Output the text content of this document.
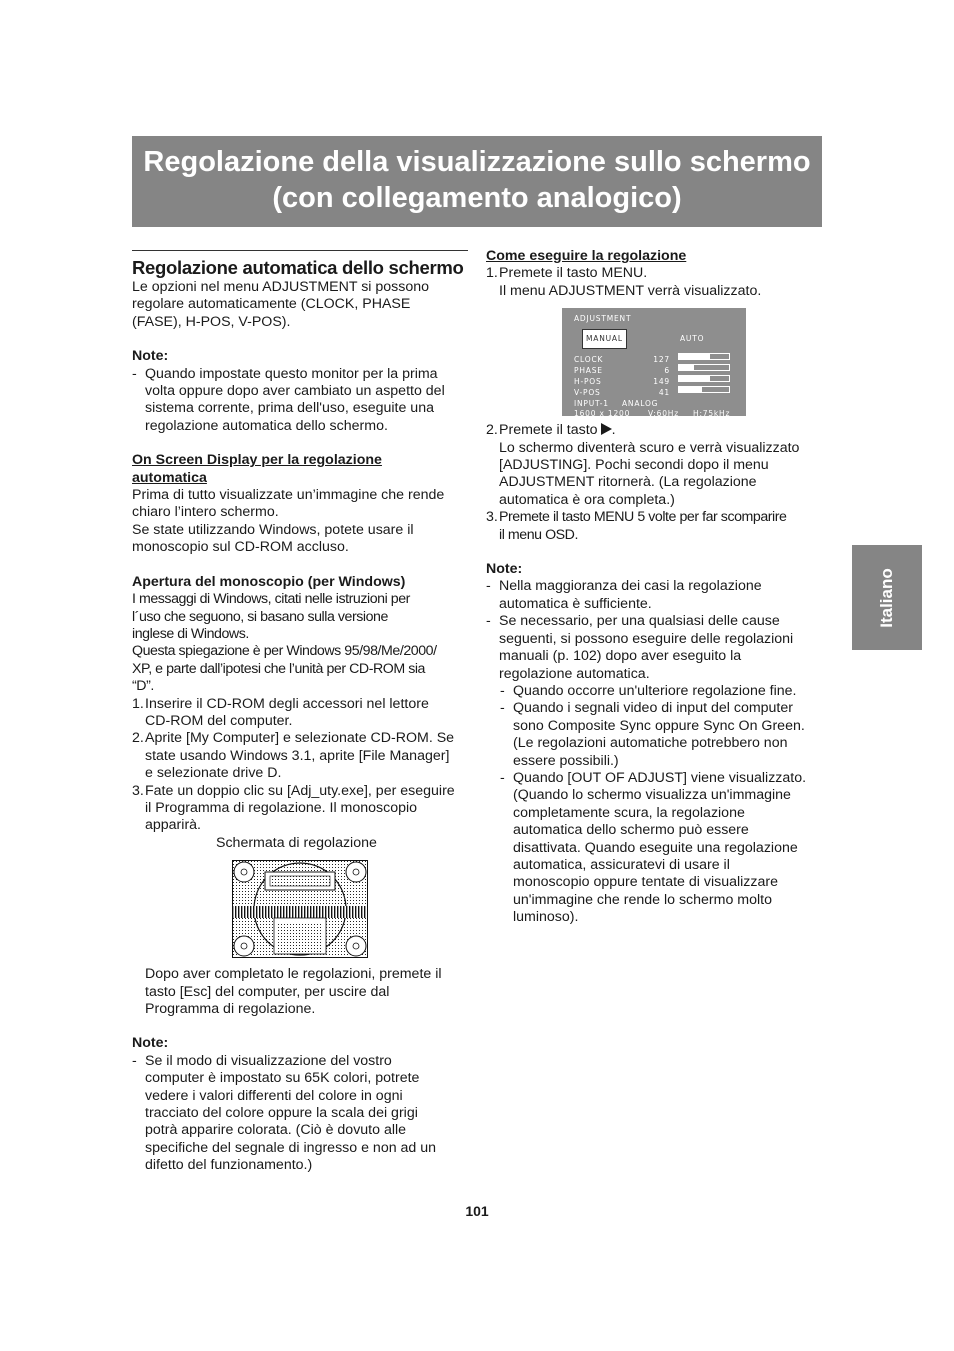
Regolazione della visualizzazione sullo schermo
(con collegamento analogico)
Regolazione automatica dello schermo
Le opzioni nel menu ADJUSTMENT si possono
regolare automaticamente (CLOCK, PHASE
(FASE), H-POS, V-POS).
Note:
- Quando impostate questo monitor per la prima
volta oppure dopo aver cambiato un aspetto del
sistema corrente, prima dell'uso, eseguite una
regolazione automatica dello schermo.
On Screen Display per la regolazione
automatica
Prima di tutto visualizzate un’immagine che rende
chiaro l’intero schermo.
Se state utilizzando Windows, potete usare il
monoscopio sul CD-ROM accluso.
Apertura del monoscopio (per Windows)
I messaggi di Windows, citati nelle istruzioni per
l´uso che seguono, si basano sulla versione
inglese di Windows.
Questa spiegazione è per Windows 95/98/Me/2000/
XP, e parte dall’ipotesi che l’unità per CD-ROM sia
“D”.
1. Inserire il CD-ROM degli accessori nel lettore
CD-ROM del computer.
2. Aprite [My Computer] e selezionate CD-ROM. Se
state usando Windows 3.1, aprite [File Manager]
e selezionate drive D.
3. Fate un doppio clic su [Adj_uty.exe], per eseguire
il Programma di regolazione. Il monoscopio
apparirà.
Schermata di regolazione
Dopo aver completato le regolazioni, premete il
tasto [Esc] del computer, per uscire dal
Programma di regolazione.
Note:
- Se il modo di visualizzazione del vostro
computer è impostato su 65K colori, potrete
vedere i valori differenti del colore in ogni
tracciato del colore oppure la scala dei grigi
potrà apparire colorata. (Ciò è dovuto alle
specifiche del segnale di ingresso e non ad un
difetto del funzionamento.)
Come eseguire la regolazione
1. Premete il tasto MENU.
Il menu ADJUSTMENT verrà visualizzato.
ADJUSTMENT
MANUAL	AUTO
CLOCK	127
PHASE	6
H-POS	149
V-POS	41
INPUT-1 ANALOG
1600 x 1200 V:60Hz H:75kHz
2. Premete il tasto .
Lo schermo diventerà scuro e verrà visualizzato
[ADJUSTING]. Pochi secondi dopo il menu
ADJUSTMENT ritornerà. (La regolazione
automatica è ora completa.)
3. Premete il tasto MENU 5 volte per far scomparire
il menu OSD.
Note:
- Nella maggioranza dei casi la regolazione
automatica è sufficiente.
- Se necessario, per una qualsiasi delle cause
seguenti, si possono eseguire delle regolazioni
manuali (p. 102) dopo aver eseguito la
regolazione automatica.
- Quando occorre un'ulteriore regolazione fine.
- Quando i segnali video di input del computer
sono Composite Sync oppure Sync On Green.
(Le regolazioni automatiche potrebbero non
essere possibili.)
- Quando [OUT OF ADJUST] viene visualizzato.
(Quando lo schermo visualizza un'immagine
completamente scura, la regolazione
automatica dello schermo può essere
disattivata. Quando eseguite una regolazione
automatica, assicuratevi di usare il
monoscopio oppure tentate di visualizzare
un'immagine che rende lo schermo molto
luminoso).
Italiano
101
